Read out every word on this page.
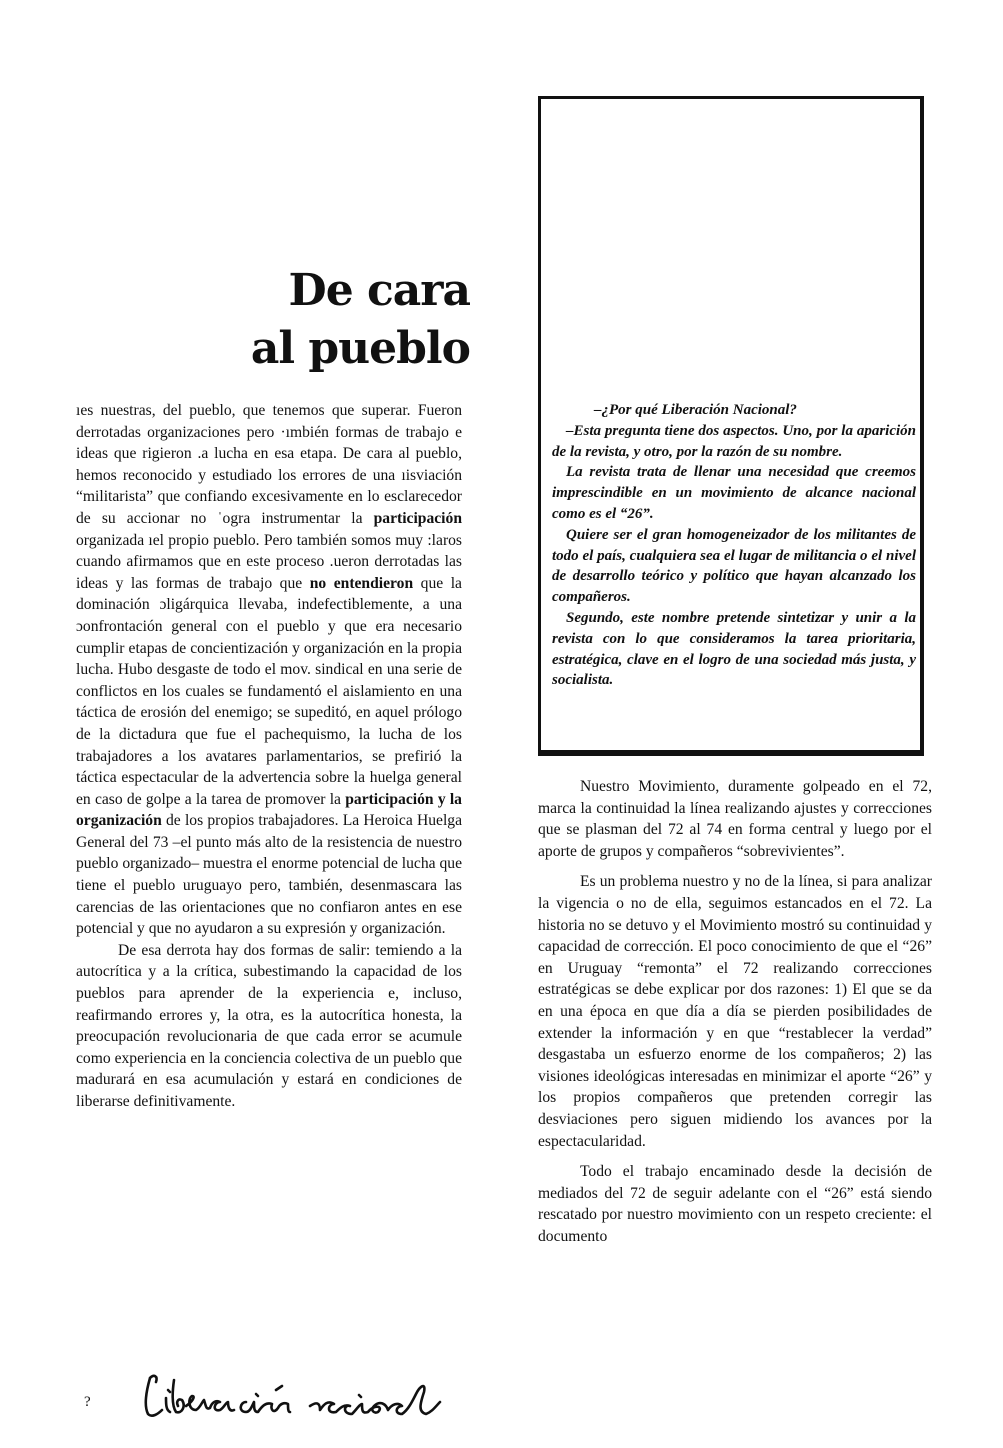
De cara
al pueblo

–¿Por qué Liberación Nacional?

–Esta pregunta tiene dos aspectos. Uno, por la aparición de la revista, y otro, por la razón de su nombre.

La revista trata de llenar una necesidad que creemos imprescindible en un movimiento de alcance nacional como es el “26”.

Quiere ser el gran homogeneizador de los militantes de todo el país, cualquiera sea el lugar de militancia o el nivel de desarrollo teórico y político que hayan alcanzado los compañeros.

Segundo, este nombre pretende sintetizar y unir a la revista con lo que consideramos la tarea prioritaria, estratégica, clave en el logro de una sociedad más justa, y socialista.

ıes nuestras, del pueblo, que tenemos que superar. Fueron derrotadas organizaciones pero ·ımbién formas de trabajo e ideas que rigieron .a lucha en esa etapa. De cara al pueblo, hemos reconocido y estudiado los errores de una ıisviación “militarista” que confiando excesivamente en lo esclarecedor de su accionar no ˈogra instrumentar la participación organizada ıel propio pueblo. Pero también somos muy :laros cuando afirmamos que en este proceso .ueron derrotadas las ideas y las formas de trabajo que no entendieron que la dominación ɔligárquica llevaba, indefectiblemente, a una ɔonfrontación general con el pueblo y que era necesario cumplir etapas de concientización y organización en la propia lucha. Hubo desgaste de todo el mov. sindical en una serie de conflictos en los cuales se fundamentó el aislamiento en una táctica de erosión del enemigo; se supeditó, en aquel prólogo de la dictadura que fue el pachequismo, la lucha de los trabajadores a los avatares parlamentarios, se prefirió la táctica espectacular de la advertencia sobre la huelga general en caso de golpe a la tarea de promover la participación y la organización de los propios trabajadores. La Heroica Huelga General del 73 –el punto más alto de la resistencia de nuestro pueblo organizado– muestra el enorme potencial de lucha que tiene el pueblo uruguayo pero, también, desenmascara las carencias de las orientaciones que no confiaron antes en ese potencial y que no ayudaron a su expresión y organización.

De esa derrota hay dos formas de salir: temiendo a la autocrítica y a la crítica, subestimando la capacidad de los pueblos para aprender de la experiencia e, incluso, reafirmando errores y, la otra, es la autocrítica honesta, la preocupación revolucionaria de que cada error se acumule como experiencia en la conciencia colectiva de un pueblo que madurará en esa acumulación y estará en condiciones de liberarse definitivamente.

Nuestro Movimiento, duramente golpeado en el 72, marca la continuidad la línea realizando ajustes y correcciones que se plasman del 72 al 74 en forma central y luego por el aporte de grupos y compañeros “sobrevivientes”.

Es un problema nuestro y no de la línea, si para analizar la vigencia o no de ella, seguimos estancados en el 72. La historia no se detuvo y el Movimiento mostró su continuidad y capacidad de corrección. El poco conocimiento de que el “26” en Uruguay “remonta” el 72 realizando correcciones estratégicas se debe explicar por dos razones: 1) El que se da en una época en que día a día se pierden posibilidades de extender la información y en que “restablecer la verdad” desgastaba un esfuerzo enorme de los compañeros; 2) las visiones ideológicas interesadas en minimizar el aporte “26” y los propios compañeros que pretenden corregir las desviaciones pero siguen midiendo los avances por la espectacularidad.

Todo el trabajo encaminado desde la decisión de mediados del 72 de seguir adelante con el “26” está siendo rescatado por nuestro movimiento con un respeto creciente: el documento

?
